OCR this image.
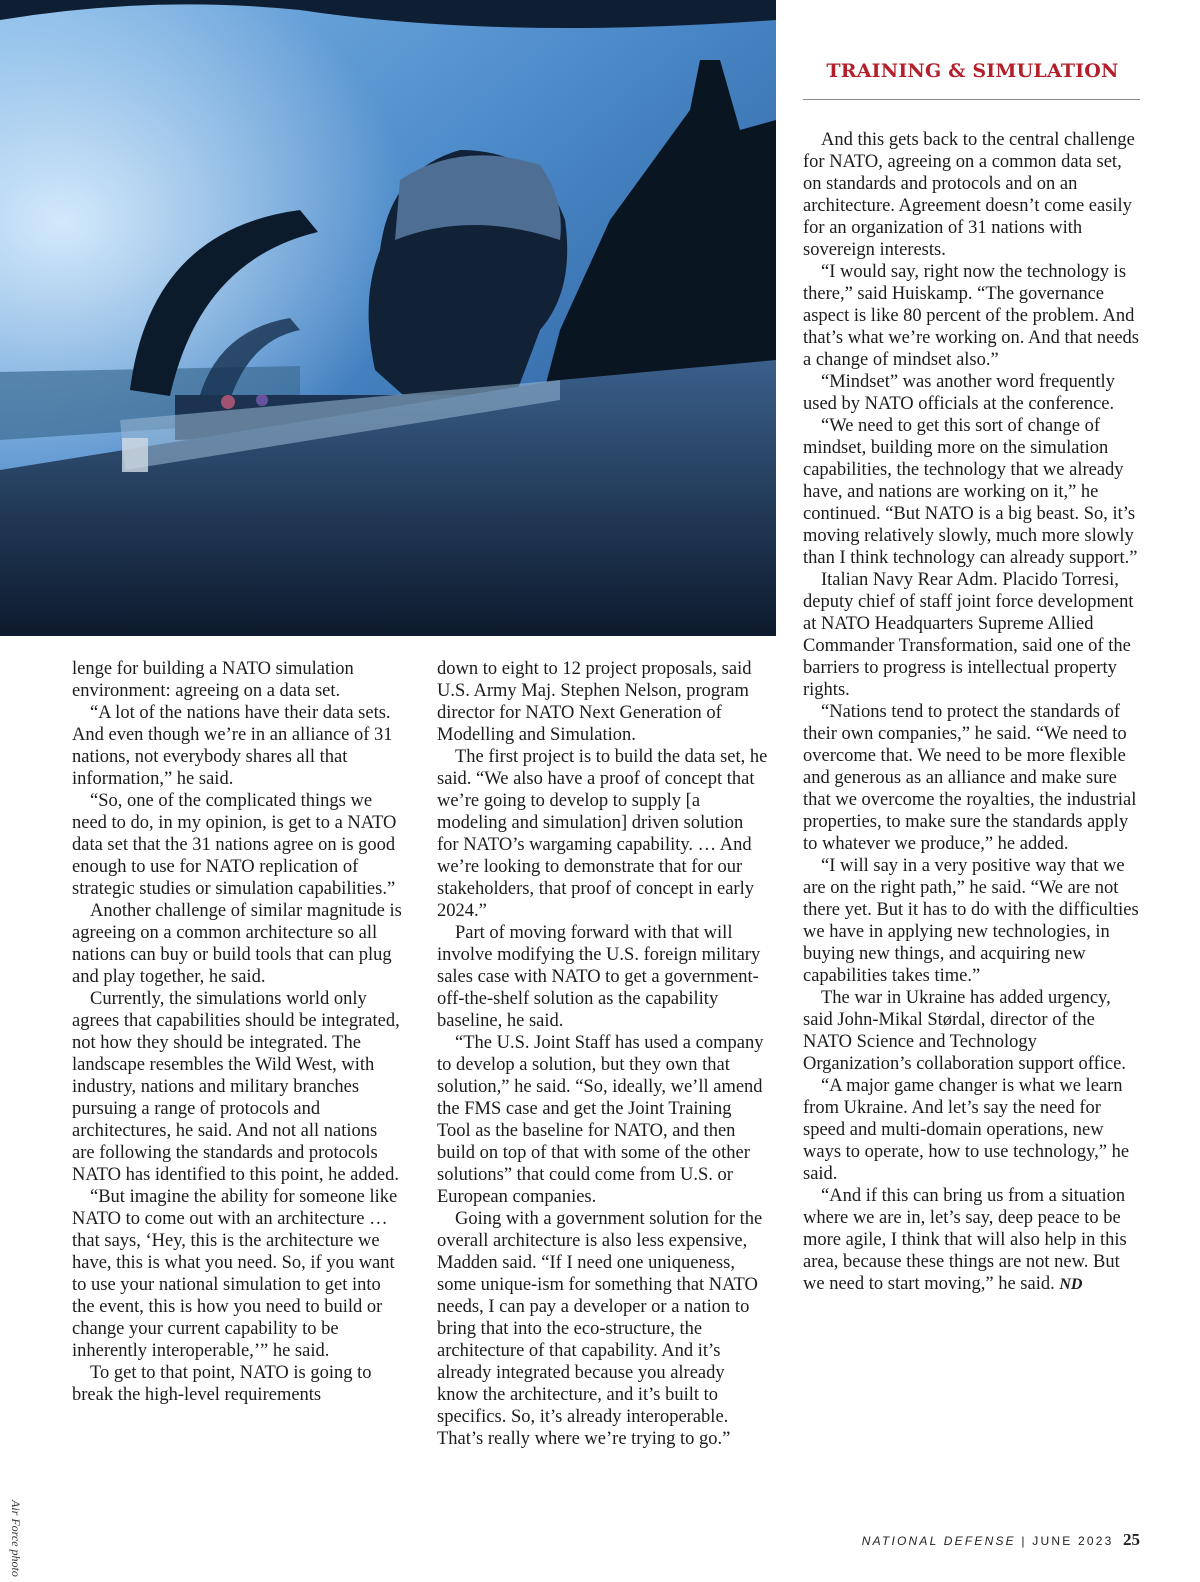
TRAINING & SIMULATION

lenge for building a NATO simulation environment: agreeing on a data set.

“A lot of the nations have their data sets. And even though we’re in an alliance of 31 nations, not everybody shares all that information,” he said.

“So, one of the complicated things we need to do, in my opinion, is get to a NATO data set that the 31 nations agree on is good enough to use for NATO replication of strategic studies or simulation capabilities.”

Another challenge of similar magnitude is agreeing on a common architecture so all nations can buy or build tools that can plug and play together, he said.

Currently, the simulations world only agrees that capabilities should be integrated, not how they should be integrated. The landscape resembles the Wild West, with industry, nations and military branches pursuing a range of protocols and architectures, he said. And not all nations are following the standards and protocols NATO has identified to this point, he added.

“But imagine the ability for someone like NATO to come out with an architecture … that says, ‘Hey, this is the architecture we have, this is what you need. So, if you want to use your national simulation to get into the event, this is how you need to build or change your current capability to be inherently interoperable,’” he said.

To get to that point, NATO is going to break the high-level requirements

down to eight to 12 project proposals, said U.S. Army Maj. Stephen Nelson, program director for NATO Next Generation of Modelling and Simulation.

The first project is to build the data set, he said. “We also have a proof of concept that we’re going to develop to supply [a modeling and simulation] driven solution for NATO’s wargaming capability. … And we’re looking to demonstrate that for our stakeholders, that proof of concept in early 2024.”

Part of moving forward with that will involve modifying the U.S. foreign military sales case with NATO to get a government-off-the-shelf solution as the capability baseline, he said.

“The U.S. Joint Staff has used a company to develop a solution, but they own that solution,” he said. “So, ideally, we’ll amend the FMS case and get the Joint Training Tool as the baseline for NATO, and then build on top of that with some of the other solutions” that could come from U.S. or European companies.

Going with a government solution for the overall architecture is also less expensive, Madden said. “If I need one uniqueness, some unique-ism for something that NATO needs, I can pay a developer or a nation to bring that into the eco-structure, the architecture of that capability. And it’s already integrated because you already know the architecture, and it’s built to specifics. So, it’s already interoperable. That’s really where we’re trying to go.”

And this gets back to the central challenge for NATO, agreeing on a common data set, on standards and protocols and on an architecture. Agreement doesn’t come easily for an organization of 31 nations with sovereign interests.

“I would say, right now the technology is there,” said Huiskamp. “The governance aspect is like 80 percent of the problem. And that’s what we’re working on. And that needs a change of mindset also.”

“Mindset” was another word frequently used by NATO officials at the conference.

“We need to get this sort of change of mindset, building more on the simulation capabilities, the technology that we already have, and nations are working on it,” he continued. “But NATO is a big beast. So, it’s moving relatively slowly, much more slowly than I think technology can already support.”

Italian Navy Rear Adm. Placido Torresi, deputy chief of staff joint force development at NATO Headquarters Supreme Allied Commander Transformation, said one of the barriers to progress is intellectual property rights.

“Nations tend to protect the standards of their own companies,” he said. “We need to overcome that. We need to be more flexible and generous as an alliance and make sure that we overcome the royalties, the industrial properties, to make sure the standards apply to whatever we produce,” he added.

“I will say in a very positive way that we are on the right path,” he said. “We are not there yet. But it has to do with the difficulties we have in applying new technologies, in buying new things, and acquiring new capabilities takes time.”

The war in Ukraine has added urgency, said John-Mikal Størdal, director of the NATO Science and Technology Organization’s collaboration support office.

“A major game changer is what we learn from Ukraine. And let’s say the need for speed and multi-domain operations, new ways to operate, how to use technology,” he said.

“And if this can bring us from a situation where we are in, let’s say, deep peace to be more agile, I think that will also help in this area, because these things are not new. But we need to start moving,” he said. ND

Air Force photo	NATIONAL DEFENSE | JUNE 2023 25
